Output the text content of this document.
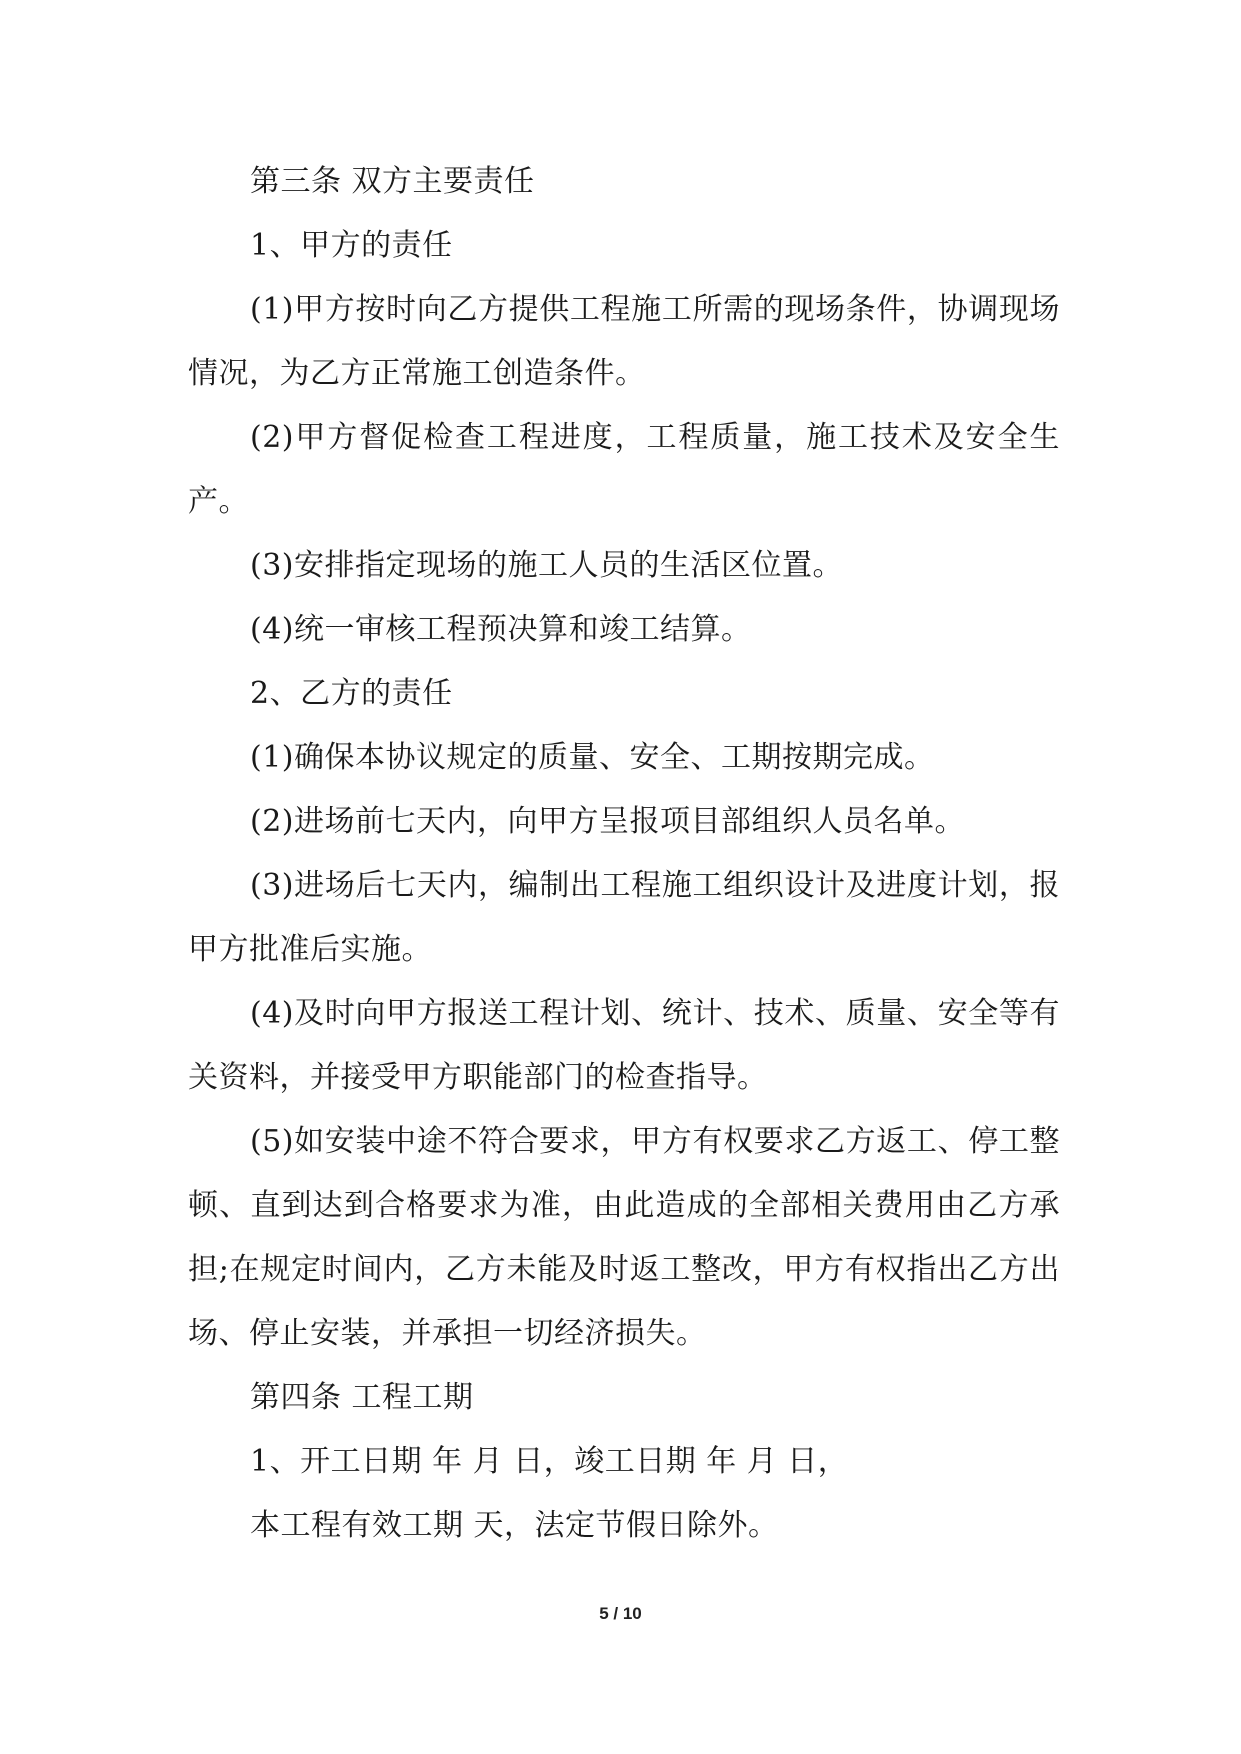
第三条 双方主要责任

1、甲方的责任

(1)甲方按时向乙方提供工程施工所需的现场条件，协调现场情况，为乙方正常施工创造条件。

(2)甲方督促检查工程进度，工程质量，施工技术及安全生产。

(3)安排指定现场的施工人员的生活区位置。

(4)统一审核工程预决算和竣工结算。

2、乙方的责任

(1)确保本协议规定的质量、安全、工期按期完成。

(2)进场前七天内，向甲方呈报项目部组织人员名单。

(3)进场后七天内，编制出工程施工组织设计及进度计划，报甲方批准后实施。

(4)及时向甲方报送工程计划、统计、技术、质量、安全等有关资料，并接受甲方职能部门的检查指导。

(5)如安装中途不符合要求，甲方有权要求乙方返工、停工整顿、直到达到合格要求为准，由此造成的全部相关费用由乙方承担;在规定时间内，乙方未能及时返工整改，甲方有权指出乙方出场、停止安装，并承担一切经济损失。

第四条 工程工期

1、开工日期 年 月 日，竣工日期 年 月 日，

本工程有效工期 天，法定节假日除外。

5 / 10
